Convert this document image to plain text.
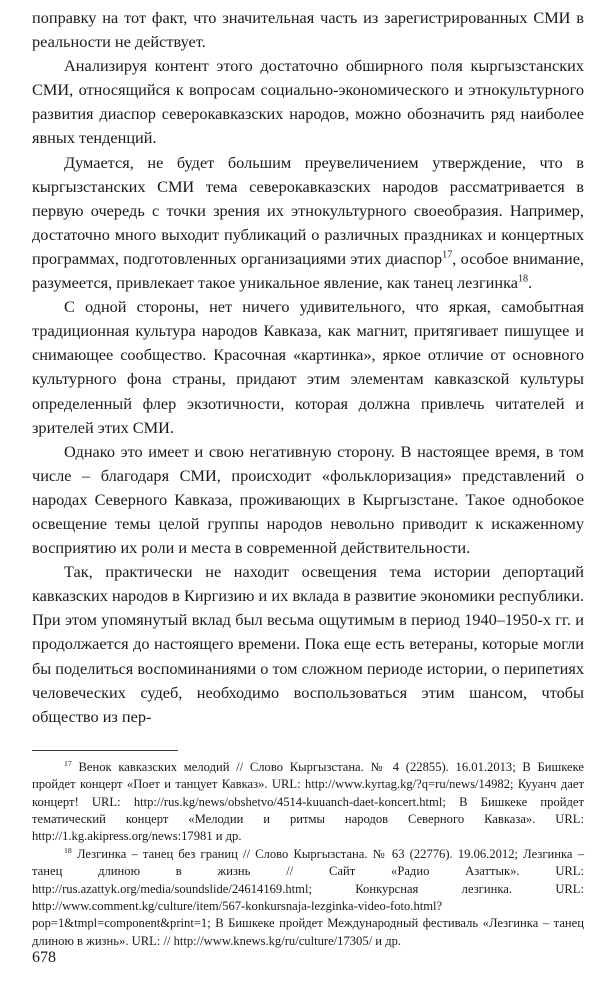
поправку на тот факт, что значительная часть из зарегистрированных СМИ в реальности не действует.

Анализируя контент этого достаточно обширного поля кыргызстанских СМИ, относящийся к вопросам социально-экономического и этнокультурного развития диаспор северокавказских народов, можно обозначить ряд наиболее явных тенденций.

Думается, не будет большим преувеличением утверждение, что в кыргызстанских СМИ тема северокавказских народов рассматривается в первую очередь с точки зрения их этнокультурного своеобразия. Например, достаточно много выходит публикаций о различных праздниках и концертных программах, подготовленных организациями этих диаспор$^{17}$, особое внимание, разумеется, привлекает такое уникальное явление, как танец лезгинка$^{18}$.

С одной стороны, нет ничего удивительного, что яркая, самобытная традиционная культура народов Кавказа, как магнит, притягивает пишущее и снимающее сообщество. Красочная «картинка», яркое отличие от основного культурного фона страны, придают этим элементам кавказской культуры определенный флер экзотичности, которая должна привлечь читателей и зрителей этих СМИ.

Однако это имеет и свою негативную сторону. В настоящее время, в том числе – благодаря СМИ, происходит «фольклоризация» представлений о народах Северного Кавказа, проживающих в Кыргызстане. Такое однобокое освещение темы целой группы народов невольно приводит к искаженному восприятию их роли и места в современной действительности.

Так, практически не находит освещения тема истории депортаций кавказских народов в Киргизию и их вклада в развитие экономики республики. При этом упомянутый вклад был весьма ощутимым в период 1940–1950-х гг. и продолжается до настоящего времени. Пока еще есть ветераны, которые могли бы поделиться воспоминаниями о том сложном периоде истории, о перипетиях человеческих судеб, необходимо воспользоваться этим шансом, чтобы общество из пер-

$^{17}$ Венок кавказских мелодий // Слово Кыргызстана. № 4 (22855). 16.01.2013; В Бишкеке пройдет концерт «Поет и танцует Кавказ». URL: http://www.kyrtag.kg/?q=ru/news/14982; Кууанч дает концерт! URL: http://rus.kg/news/obshetvo/4514-kuuanch-daet-koncert.html; В Бишкеке пройдет тематический концерт «Мелодии и ритмы народов Северного Кавказа». URL: http://1.kg.akipress.org/news:17981 и др.

$^{18}$ Лезгинка – танец без границ // Слово Кыргызстана. № 63 (22776). 19.06.2012; Лезгинка – танец длиною в жизнь // Сайт «Радио Азаттык». URL: http://rus.azattyk.org/media/soundslide/24614169.html; Конкурсная лезгинка. URL: http://www.comment.kg/culture/item/567-konkursnaja-lezginka-video-foto.html?pop=1&tmpl=component&print=1; В Бишкеке пройдет Международный фестиваль «Лезгинка – танец длиною в жизнь». URL: // http://www.knews.kg/ru/culture/17305/ и др.

678
